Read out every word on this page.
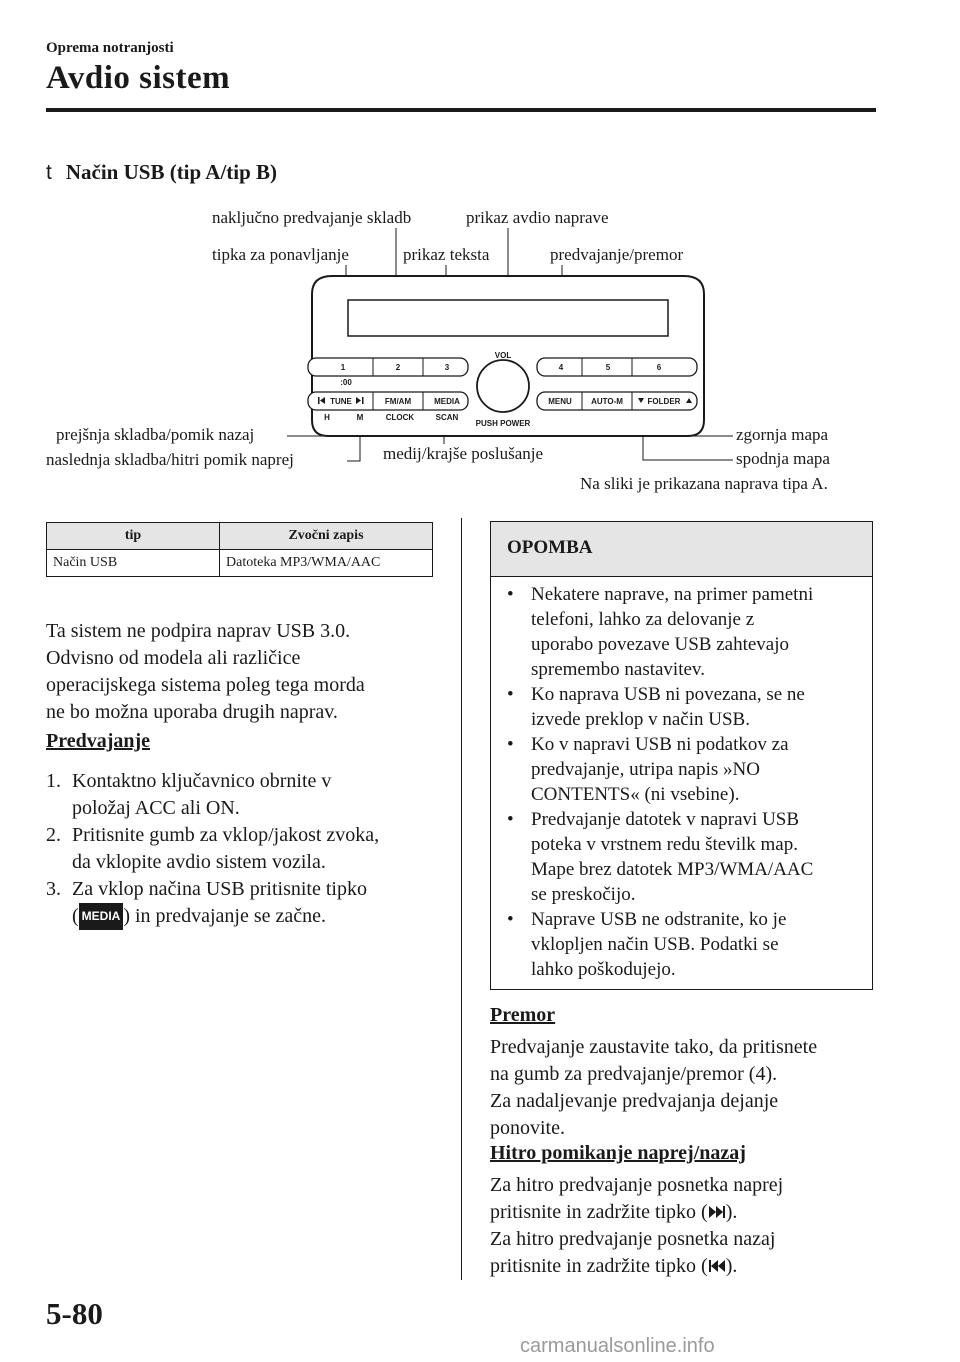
Oprema notranjosti
Avdio sistem
t Način USB (tip A/tip B)
naključno predvajanje skladb	prikaz avdio naprave
tipka za ponavljanje	prikaz teksta	predvajanje/premor
prejšnja skladba/pomik nazaj
naslednja skladba/hitri pomik naprej	medij/krajše poslušanje
zgornja mapa
spodnja mapa
Na sliki je prikazana naprava tipa A.
1	2	3	4	5	6
:00
VOL
TUNE	FM/AM	MEDIA	MENU AUTO-M	FOLDER
H	M	CLOCK	SCAN
PUSH POWER
tip	Zvočni zapis
Način USB	Datoteka MP3/WMA/AAC
Ta sistem ne podpira naprav USB 3.0.
Odvisno od modela ali različice
operacijskega sistema poleg tega morda
ne bo možna uporaba drugih naprav.
Predvajanje
1. Kontaktno ključavnico obrnite v
položaj ACC ali ON.
2. Pritisnite gumb za vklop/jakost zvoka,
da vklopite avdio sistem vozila.
3. Za vklop načina USB pritisnite tipko
( MEDIA ) in predvajanje se začne.
OPOMBA
• Nekatere naprave, na primer pametni
telefoni, lahko za delovanje z
uporabo povezave USB zahtevajo
spremembo nastavitev.
• Ko naprava USB ni povezana, se ne
izvede preklop v način USB.
• Ko v napravi USB ni podatkov za
predvajanje, utripa napis »NO
CONTENTS« (ni vsebine).
• Predvajanje datotek v napravi USB
poteka v vrstnem redu številk map.
Mape brez datotek MP3/WMA/AAC
se preskočijo.
• Naprave USB ne odstranite, ko je
vklopljen način USB. Podatki se
lahko poškodujejo.
Premor
Predvajanje zaustavite tako, da pritisnete
na gumb za predvajanje/premor (4).
Za nadaljevanje predvajanja dejanje
ponovite.
Hitro pomikanje naprej/nazaj
Za hitro predvajanje posnetka naprej
pritisnite in zadržite tipko ( ).
Za hitro predvajanje posnetka nazaj
pritisnite in zadržite tipko ( ).
5-80
carmanualsonline.info
